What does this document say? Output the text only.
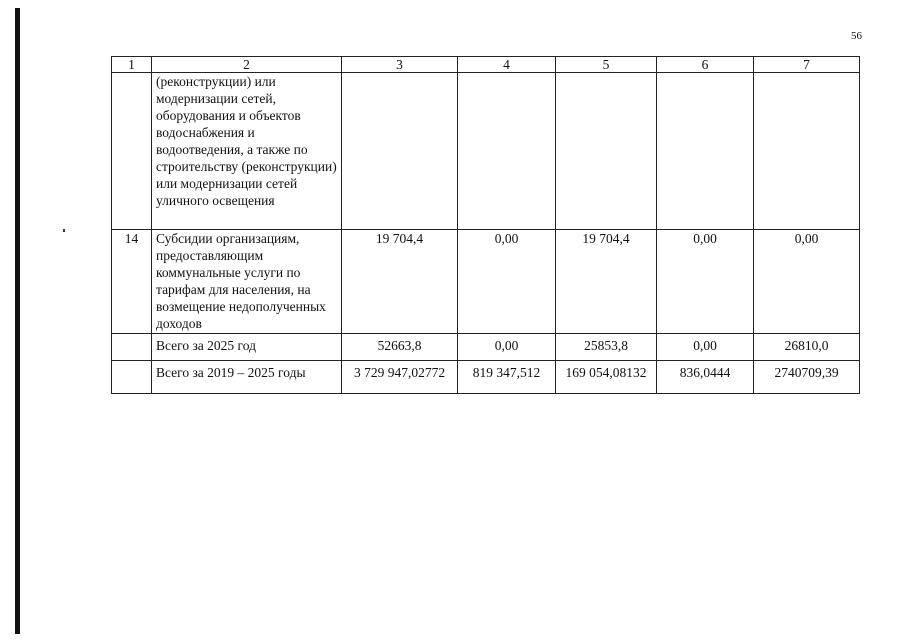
56
1	2	3	4	5	6	7
	(реконструкции) или модернизации сетей, оборудования и объектов водоснабжения и водоотведения, а также по строительству (реконструкции) или модернизации сетей уличного освещения					
14	Субсидии организациям, предоставляющим коммунальные услуги по тарифам для населения, на возмещение недополученных доходов	19 704,4	0,00	19 704,4	0,00	0,00
	Всего за 2025 год	52663,8	0,00	25853,8	0,00	26810,0
	Всего за 2019 – 2025 годы	3 729 947,02772	819 347,512	169 054,08132	836,0444	2740709,39
